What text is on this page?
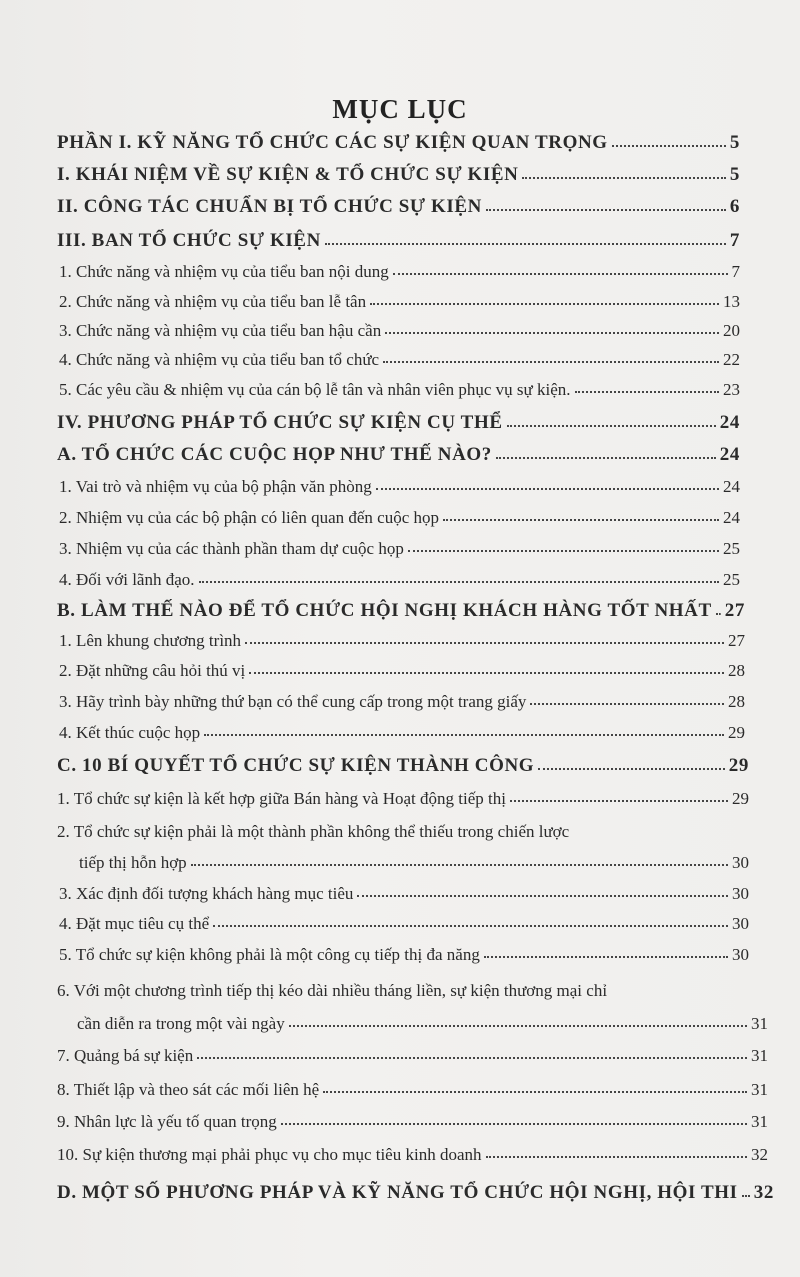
MỤC LỤC
PHẦN I. KỸ NĂNG TỔ CHỨC CÁC SỰ KIỆN QUAN TRỌNG	5
I. KHÁI NIỆM VỀ SỰ KIỆN & TỔ CHỨC SỰ KIỆN	5
II. CÔNG TÁC CHUẨN BỊ TỔ CHỨC SỰ KIỆN	6
III. BAN TỔ CHỨC SỰ KIỆN	7
1. Chức năng và nhiệm vụ của tiểu ban nội dung	7
2. Chức năng và nhiệm vụ của tiểu ban lễ tân	13
3. Chức năng và nhiệm vụ của tiểu ban hậu cần	20
4. Chức năng và nhiệm vụ của tiểu ban tổ chức	22
5. Các yêu cầu & nhiệm vụ của cán bộ lễ tân và nhân viên phục vụ sự kiện.	23
IV. PHƯƠNG PHÁP TỔ CHỨC SỰ KIỆN CỤ THỂ	24
A. TỔ CHỨC CÁC CUỘC HỌP NHƯ THẾ NÀO?	24
1. Vai trò và nhiệm vụ của bộ phận văn phòng	24
2. Nhiệm vụ của các bộ phận có liên quan đến cuộc họp	24
3. Nhiệm vụ của các thành phần tham dự cuộc họp	25
4. Đối với lãnh đạo.	25
B. LÀM THẾ NÀO ĐỂ TỔ CHỨC HỘI NGHỊ KHÁCH HÀNG TỐT NHẤT 27
1. Lên khung chương trình	27
2. Đặt những câu hỏi thú vị	28
3. Hãy trình bày những thứ bạn có thể cung cấp trong một trang giấy	28
4. Kết thúc cuộc họp	29
C. 10 BÍ QUYẾT TỔ CHỨC SỰ KIỆN THÀNH CÔNG	29
1. Tổ chức sự kiện là kết hợp giữa Bán hàng và Hoạt động tiếp thị	29
2. Tổ chức sự kiện phải là một thành phần không thể thiếu trong chiến lược
tiếp thị hỗn hợp	30
3. Xác định đối tượng khách hàng mục tiêu	30
4. Đặt mục tiêu cụ thể	30
5. Tổ chức sự kiện không phải là một công cụ tiếp thị đa năng	30
6. Với một chương trình tiếp thị kéo dài nhiều tháng liền, sự kiện thương mại chỉ
cần diễn ra trong một vài ngày	31
7. Quảng bá sự kiện	31
8. Thiết lập và theo sát các mối liên hệ	31
9. Nhân lực là yếu tố quan trọng	31
10. Sự kiện thương mại phải phục vụ cho mục tiêu kinh doanh	32
D. MỘT SỐ PHƯƠNG PHÁP VÀ KỸ NĂNG TỔ CHỨC HỘI NGHỊ, HỘI THI 32
